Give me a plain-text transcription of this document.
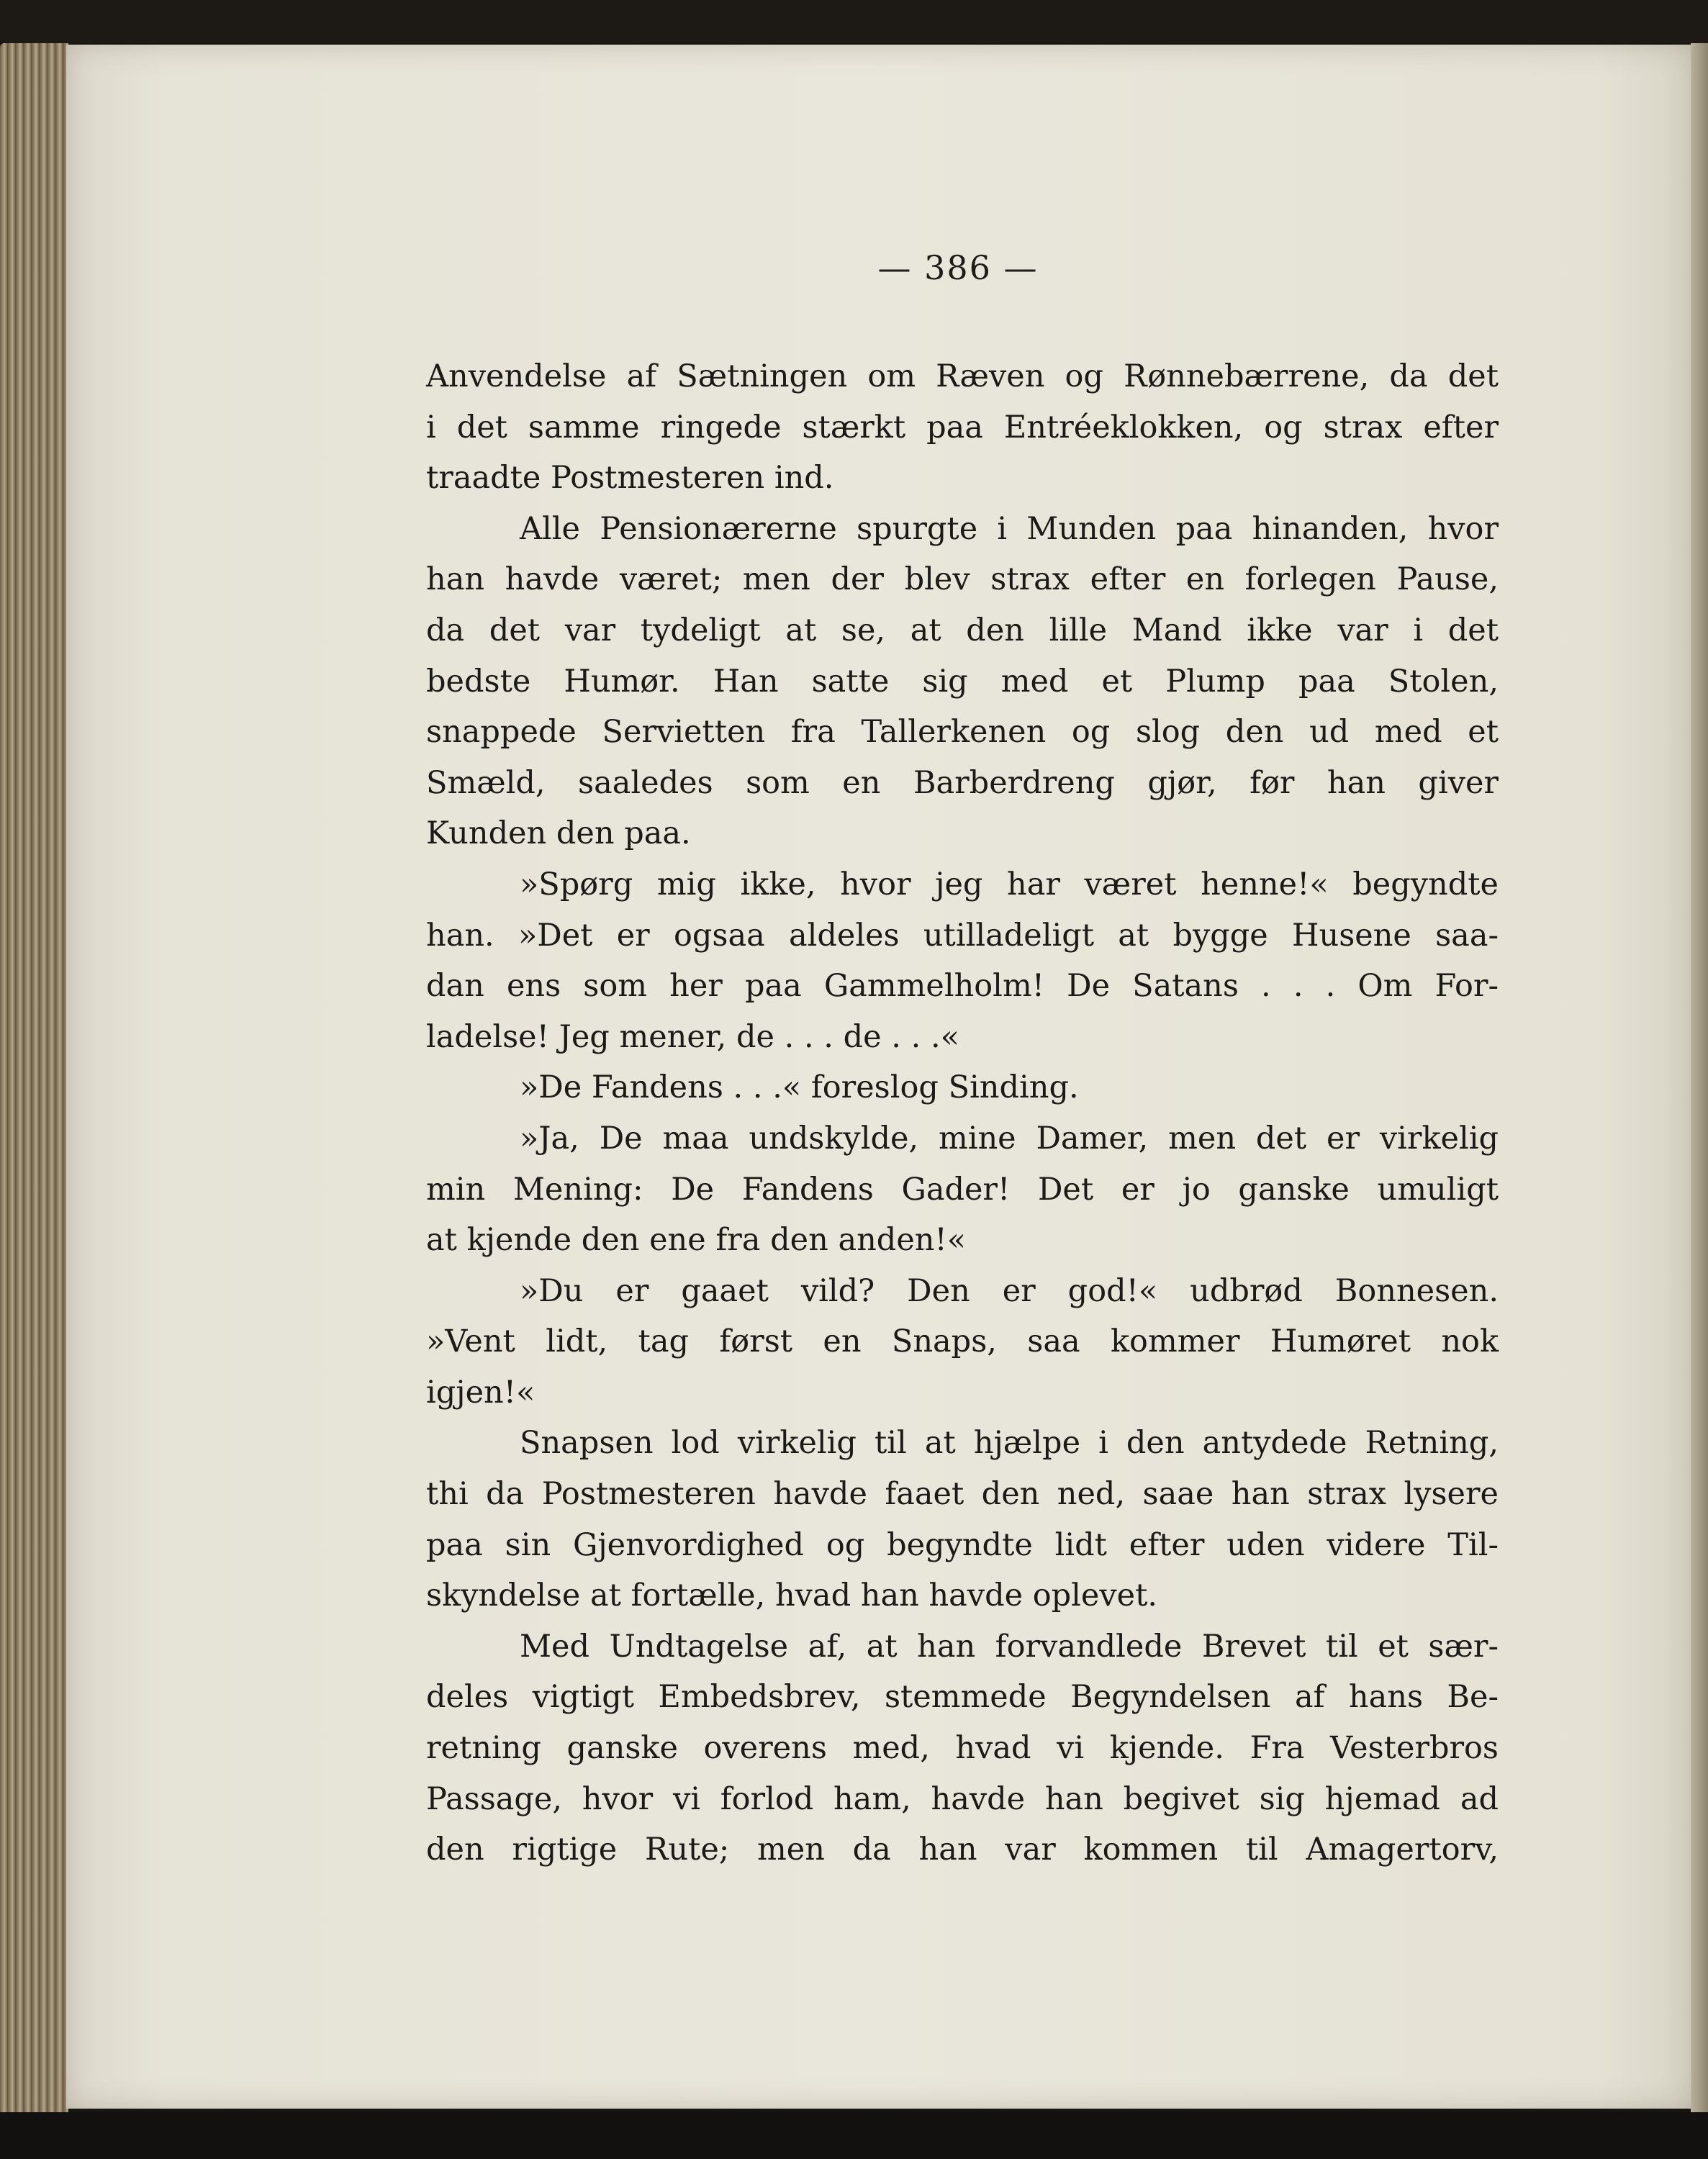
— 386 —
Anvendelse af Sætningen om Ræven og Rønnebærrene, da det
i det samme ringede stærkt paa Entréeklokken, og strax efter
traadte Postmesteren ind.
Alle Pensionærerne spurgte i Munden paa hinanden, hvor
han havde været; men der blev strax efter en forlegen Pause,
da det var tydeligt at se, at den lille Mand ikke var i det
bedste Humør. Han satte sig med et Plump paa Stolen,
snappede Servietten fra Tallerkenen og slog den ud med et
Smæld, saaledes som en Barberdreng gjør, før han giver
Kunden den paa.
»Spørg mig ikke, hvor jeg har været henne!« begyndte
han. »Det er ogsaa aldeles utilladeligt at bygge Husene saa-
dan ens som her paa Gammelholm! De Satans . . . Om For-
ladelse! Jeg mener, de . . . de . . .«
»De Fandens . . .« foreslog Sinding.
»Ja, De maa undskylde, mine Damer, men det er virkelig
min Mening: De Fandens Gader! Det er jo ganske umuligt
at kjende den ene fra den anden!«
»Du er gaaet vild? Den er god!« udbrød Bonnesen.
»Vent lidt, tag først en Snaps, saa kommer Humøret nok
igjen!«
Snapsen lod virkelig til at hjælpe i den antydede Retning,
thi da Postmesteren havde faaet den ned, saae han strax lysere
paa sin Gjenvordighed og begyndte lidt efter uden videre Til-
skyndelse at fortælle, hvad han havde oplevet.
Med Undtagelse af, at han forvandlede Brevet til et sær-
deles vigtigt Embedsbrev, stemmede Begyndelsen af hans Be-
retning ganske overens med, hvad vi kjende. Fra Vesterbros
Passage, hvor vi forlod ham, havde han begivet sig hjemad ad
den rigtige Rute; men da han var kommen til Amagertorv,
